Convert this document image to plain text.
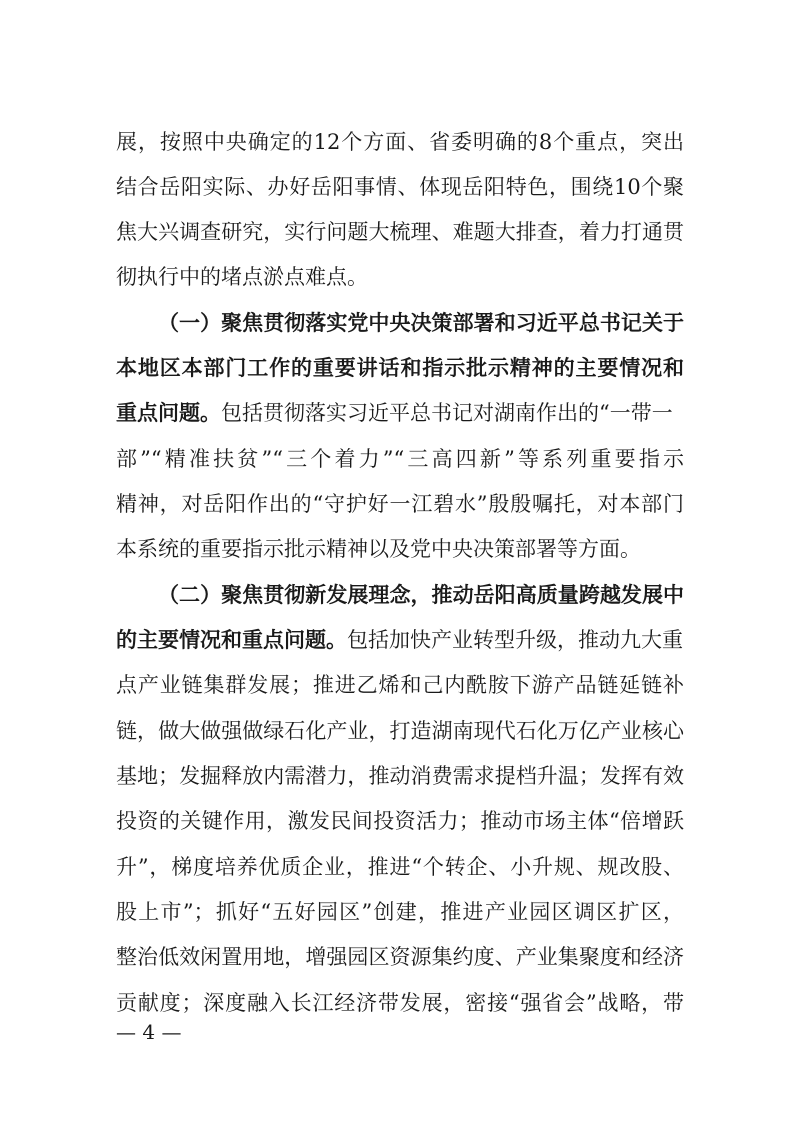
展，按照中央确定的12个方面、省委明确的8个重点，突出
结合岳阳实际、办好岳阳事情、体现岳阳特色，围绕10个聚
焦大兴调查研究，实行问题大梳理、难题大排查，着力打通贯
彻执行中的堵点淤点难点。
（一）聚焦贯彻落实党中央决策部署和习近平总书记关于
本地区本部门工作的重要讲话和指示批示精神的主要情况和
重点问题。包括贯彻落实习近平总书记对湖南作出的“一带一
部”“精准扶贫”“三个着力”“三高四新”等系列重要指示
精神，对岳阳作出的“守护好一江碧水”殷殷嘱托，对本部门
本系统的重要指示批示精神以及党中央决策部署等方面。
（二）聚焦贯彻新发展理念，推动岳阳高质量跨越发展中
的主要情况和重点问题。包括加快产业转型升级，推动九大重
点产业链集群发展；推进乙烯和己内酰胺下游产品链延链补
链，做大做强做绿石化产业，打造湖南现代石化万亿产业核心
基地；发掘释放内需潜力，推动消费需求提档升温；发挥有效
投资的关键作用，激发民间投资活力；推动市场主体“倍增跃
升”，梯度培养优质企业，推进“个转企、小升规、规改股、
股上市”；抓好“五好园区”创建，推进产业园区调区扩区，
整治低效闲置用地，增强园区资源集约度、产业集聚度和经济
贡献度；深度融入长江经济带发展，密接“强省会”战略，带
— 4 —
